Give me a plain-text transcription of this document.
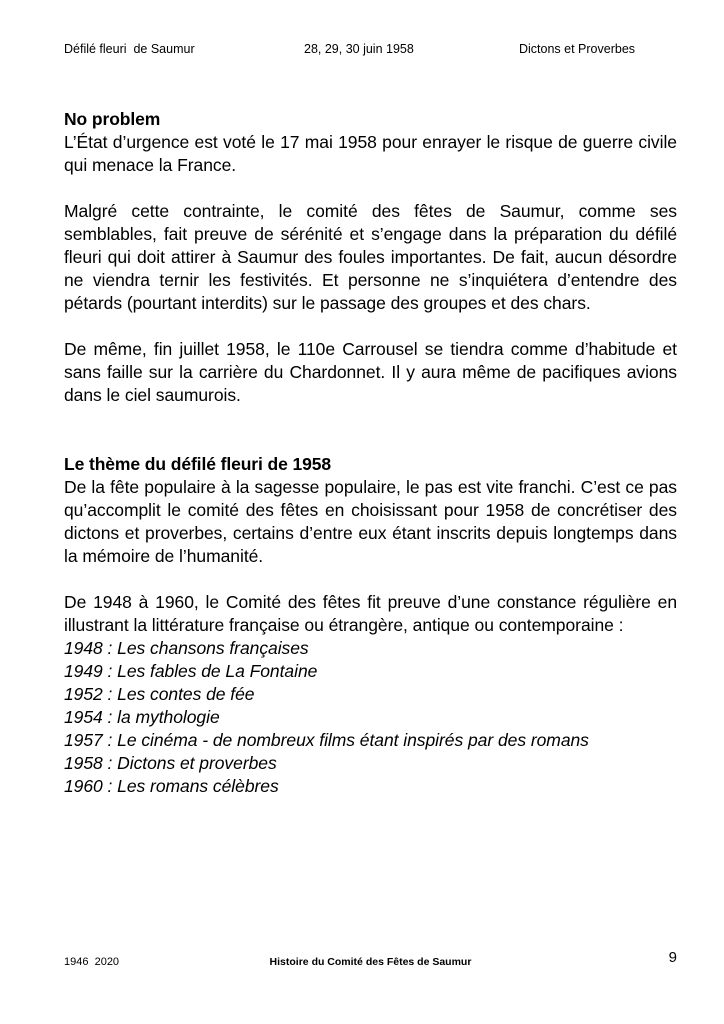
Défilé fleuri  de Saumur	28, 29, 30 juin 1958	Dictons et Proverbes
No problem

L’État d’urgence est voté le 17 mai 1958 pour enrayer le risque de guerre civile qui menace la France.

Malgré cette contrainte, le comité des fêtes de Saumur, comme ses semblables, fait preuve de sérénité et s’engage dans la préparation du défilé fleuri qui doit attirer à Saumur des foules importantes. De fait, aucun désordre ne viendra ternir les festivités. Et personne ne s’inquiétera d’entendre des pétards (pourtant interdits) sur le passage des groupes et des chars.

De même, fin juillet 1958, le 110e Carrousel se tiendra comme d’habitude et sans faille sur la carrière du Chardonnet. Il y aura même de pacifiques avions dans le ciel saumurois.

Le thème du défilé fleuri de 1958

De la fête populaire à la sagesse populaire, le pas est vite franchi. C’est ce pas qu’accomplit le comité des fêtes en choisissant pour 1958 de concrétiser des dictons et proverbes, certains d’entre eux étant inscrits depuis longtemps dans la mémoire de l’humanité.

De 1948 à 1960, le Comité des fêtes fit preuve d’une constance régulière en illustrant la littérature française ou étrangère, antique ou contemporaine :

1948 : Les chansons françaises
1949 : Les fables de La Fontaine
1952 : Les contes de fée
1954 : la mythologie
1957 : Le cinéma - de nombreux films étant inspirés par des romans
1958 : Dictons et proverbes
1960 : Les romans célèbres

1946  2020

	Histoire du Comité des Fêtes de Saumur

	9
